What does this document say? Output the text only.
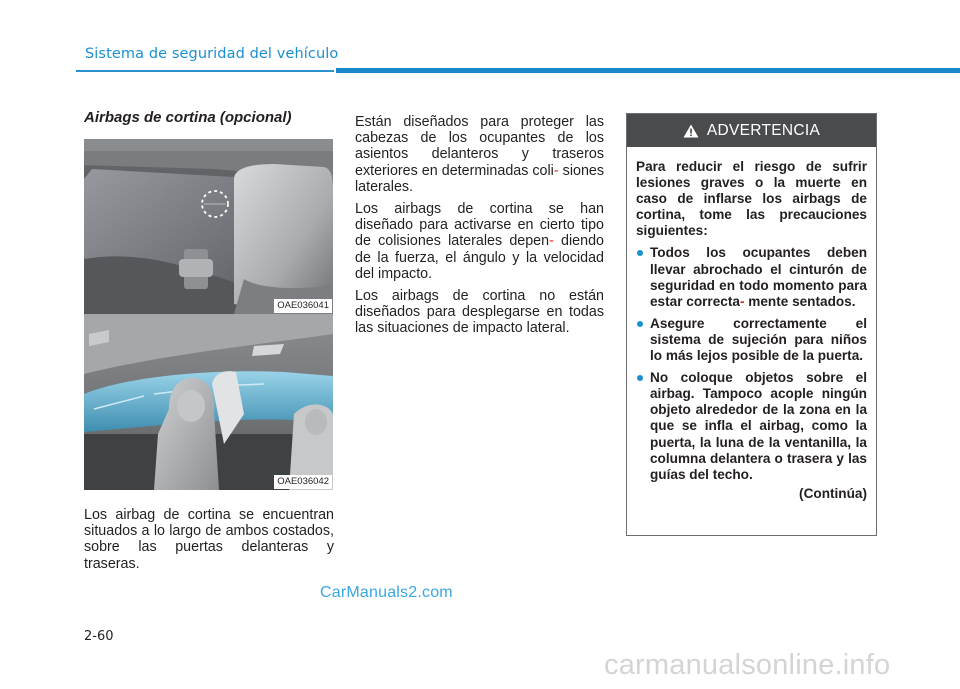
Sistema de seguridad del vehículo
Airbags de cortina (opcional)
OAE036041
OAE036042

Los airbag de cortina se encuentran situados a lo largo de ambos costados, sobre las puertas delanteras y traseras.

Están diseñados para proteger las cabezas de los ocupantes de los asientos delanteros y traseros exteriores en determinadas coli- siones laterales.

Los airbags de cortina se han diseñado para activarse en cierto tipo de colisiones laterales depen- diendo de la fuerza, el ángulo y la velocidad del impacto.

Los airbags de cortina no están diseñados para desplegarse en todas las situaciones de impacto lateral.

ADVERTENCIA

Para reducir el riesgo de sufrir lesiones graves o la muerte en caso de inflarse los airbags de cortina, tome las precauciones siguientes:

Todos los ocupantes deben llevar abrochado el cinturón de seguridad en todo momento para estar correcta- mente sentados.
Asegure correctamente el sistema de sujeción para niños lo más lejos posible de la puerta.
No coloque objetos sobre el airbag. Tampoco acople ningún objeto alrededor de la zona en la que se infla el airbag, como la puerta, la luna de la ventanilla, la columna delantera o trasera y las guías del techo.

(Continúa)

CarManuals2.com
2-60
carmanualsonline.info
